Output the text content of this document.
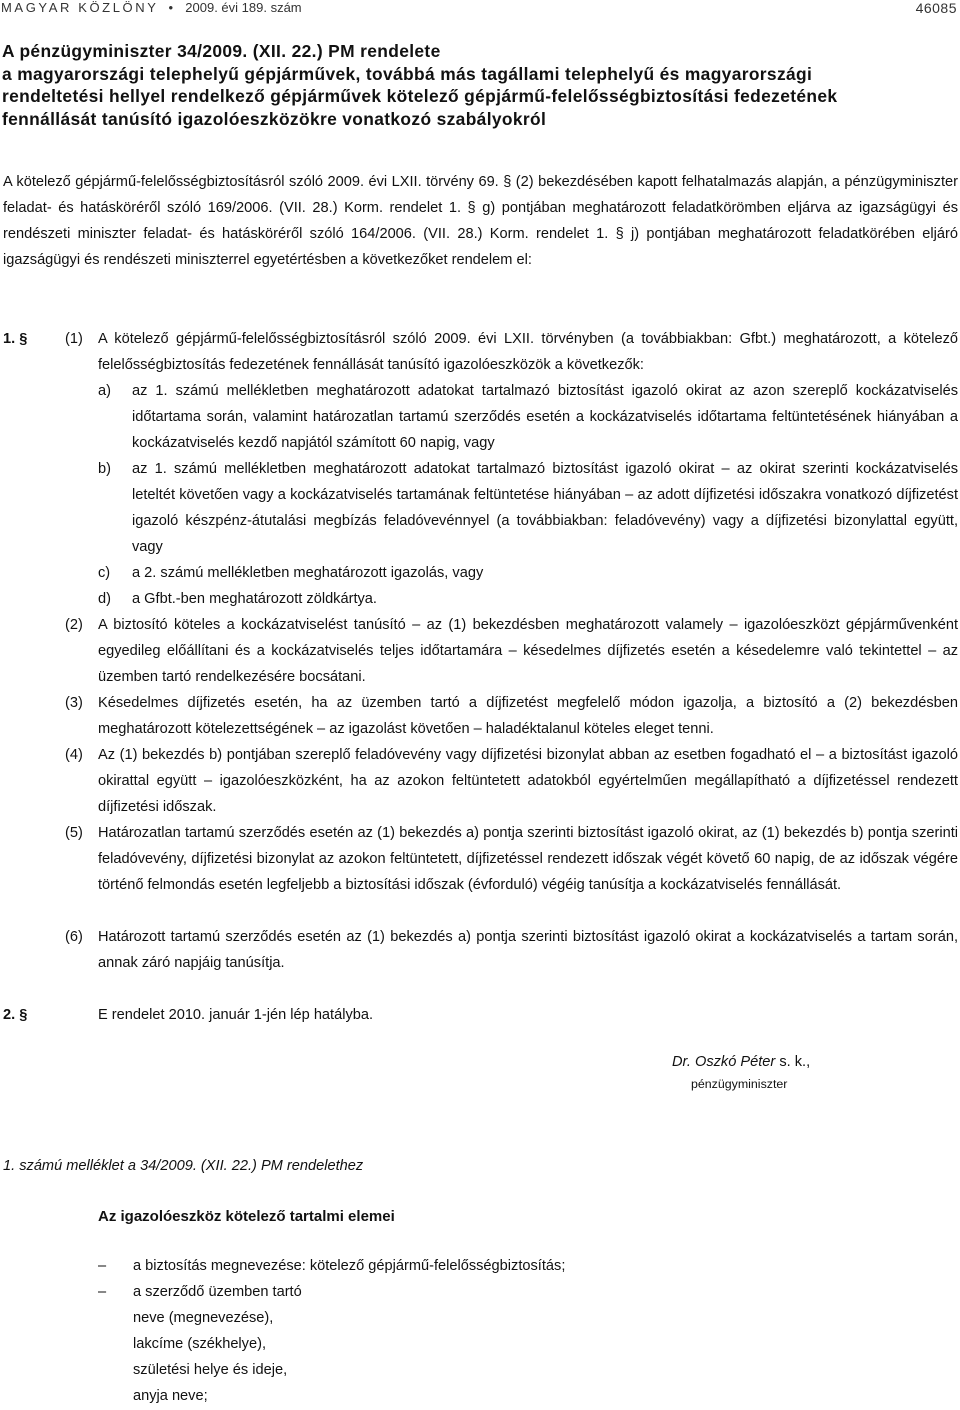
MAGYAR KÖZLÖNY • 2009. évi 189. szám	46085
A pénzügyminiszter 34/2009. (XII. 22.) PM rendelete
a magyarországi telephelyű gépjárművek, továbbá más tagállami telephelyű és magyarországi
rendeltetési hellyel rendelkező gépjárművek kötelező gépjármű-felelősségbiztosítási fedezetének
fennállását tanúsító igazolóeszközökre vonatkozó szabályokról
A kötelező gépjármű-felelősségbiztosításról szóló 2009. évi LXII. törvény 69. § (2) bekezdésében kapott felhatalmazás alapján, a pénzügyminiszter feladat- és hatásköréről szóló 169/2006. (VII. 28.) Korm. rendelet 1. § g) pontjában meghatározott feladatkörömben eljárva az igazságügyi és rendészeti miniszter feladat- és hatásköréről szóló 164/2006. (VII. 28.) Korm. rendelet 1. § j) pontjában meghatározott feladatkörében eljáró igazságügyi és rendészeti miniszterrel egyetértésben a következőket rendelem el:
1. §	(1) A kötelező gépjármű-felelősségbiztosításról szóló 2009. évi LXII. törvényben (a továbbiakban: Gfbt.) meghatározott, a kötelező felelősségbiztosítás fedezetének fennállását tanúsító igazolóeszközök a következők:
a) az 1. számú mellékletben meghatározott adatokat tartalmazó biztosítást igazoló okirat az azon szereplő kockázatviselés időtartama során, valamint határozatlan tartamú szerződés esetén a kockázatviselés időtartama feltüntetésének hiányában a kockázatviselés kezdő napjától számított 60 napig, vagy
b) az 1. számú mellékletben meghatározott adatokat tartalmazó biztosítást igazoló okirat – az okirat szerinti kockázatviselés leteltét követően vagy a kockázatviselés tartamának feltüntetése hiányában – az adott díjfizetési időszakra vonatkozó díjfizetést igazoló készpénz-átutalási megbízás feladóvevénnyel (a továbbiakban: feladóvevény) vagy a díjfizetési bizonylattal együtt, vagy
c) a 2. számú mellékletben meghatározott igazolás, vagy
d) a Gfbt.-ben meghatározott zöldkártya.
(2) A biztosító köteles a kockázatviselést tanúsító – az (1) bekezdésben meghatározott valamely – igazolóeszközt gépjárművenként egyedileg előállítani és a kockázatviselés teljes időtartamára – késedelmes díjfizetés esetén a késedelemre való tekintettel – az üzemben tartó rendelkezésére bocsátani.
(3) Késedelmes díjfizetés esetén, ha az üzemben tartó a díjfizetést megfelelő módon igazolja, a biztosító a (2) bekezdésben meghatározott kötelezettségének – az igazolást követően – haladéktalanul köteles eleget tenni.
(4) Az (1) bekezdés b) pontjában szereplő feladóvevény vagy díjfizetési bizonylat abban az esetben fogadható el – a biztosítást igazoló okirattal együtt – igazolóeszközként, ha az azokon feltüntetett adatokból egyértelműen megállapítható a díjfizetéssel rendezett díjfizetési időszak.
(5) Határozatlan tartamú szerződés esetén az (1) bekezdés a) pontja szerinti biztosítást igazoló okirat, az (1) bekezdés b) pontja szerinti feladóvevény, díjfizetési bizonylat az azokon feltüntetett, díjfizetéssel rendezett időszak végét követő 60 napig, de az időszak végére történő felmondás esetén legfeljebb a biztosítási időszak (évforduló) végéig tanúsítja a kockázatviselés fennállását.
(6) Határozott tartamú szerződés esetén az (1) bekezdés a) pontja szerinti biztosítást igazoló okirat a kockázatviselés a tartam során, annak záró napjáig tanúsítja.
2. §	E rendelet 2010. január 1-jén lép hatályba.
Dr. Oszkó Péter s. k.,
pénzügyminiszter
1. számú melléklet a 34/2009. (XII. 22.) PM rendelethez
Az igazolóeszköz kötelező tartalmi elemei
– a biztosítás megnevezése: kötelező gépjármű-felelősségbiztosítás;
– a szerződő üzemben tartó
neve (megnevezése),
lakcíme (székhelye),
születési helye és ideje,
anyja neve;
